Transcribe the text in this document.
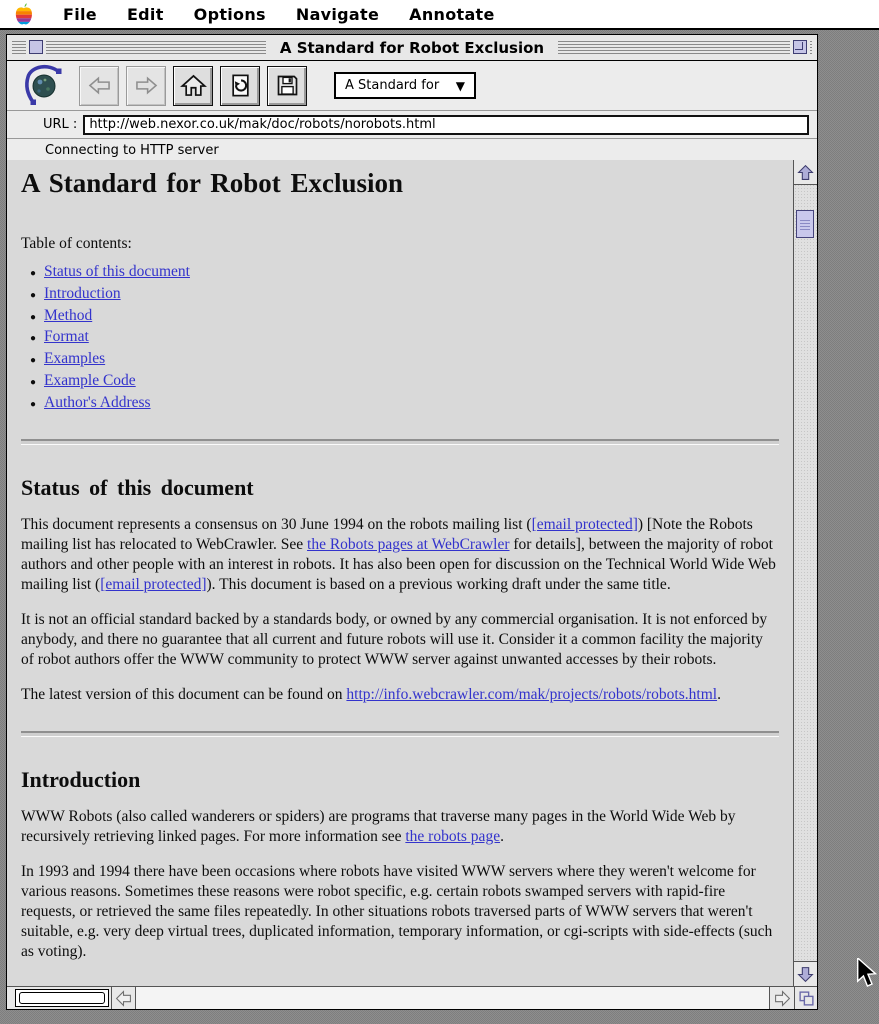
File Edit Options Navigate Annotate
A Standard for Robot Exclusion
A Standard for ▼
URL :
http://web.nexor.co.uk/mak/doc/robots/norobots.html
Connecting to HTTP server
A Standard for Robot Exclusion
Table of contents:
● Status of this document
● Introduction
● Method
● Format
● Examples
● Example Code
● Author's Address
Status of this document

This document represents a consensus on 30 June 1994 on the robots mailing list ([email protected]) [Note the Robots mailing list has relocated to WebCrawler. See the Robots pages at WebCrawler for details], between the majority of robot authors and other people with an interest in robots. It has also been open for discussion on the Technical World Wide Web mailing list ([email protected]). This document is based on a previous working draft under the same title.

It is not an official standard backed by a standards body, or owned by any commercial organisation. It is not enforced by anybody, and there no guarantee that all current and future robots will use it. Consider it a common facility the majority of robot authors offer the WWW community to protect WWW server against unwanted accesses by their robots.

The latest version of this document can be found on http://info.webcrawler.com/mak/projects/robots/robots.html.

Introduction

WWW Robots (also called wanderers or spiders) are programs that traverse many pages in the World Wide Web by recursively retrieving linked pages. For more information see the robots page.

In 1993 and 1994 there have been occasions where robots have visited WWW servers where they weren't welcome for various reasons. Sometimes these reasons were robot specific, e.g. certain robots swamped servers with rapid-fire requests, or retrieved the same files repeatedly. In other situations robots traversed parts of WWW servers that weren't suitable, e.g. very deep virtual trees, duplicated information, temporary information, or cgi-scripts with side-effects (such as voting).
